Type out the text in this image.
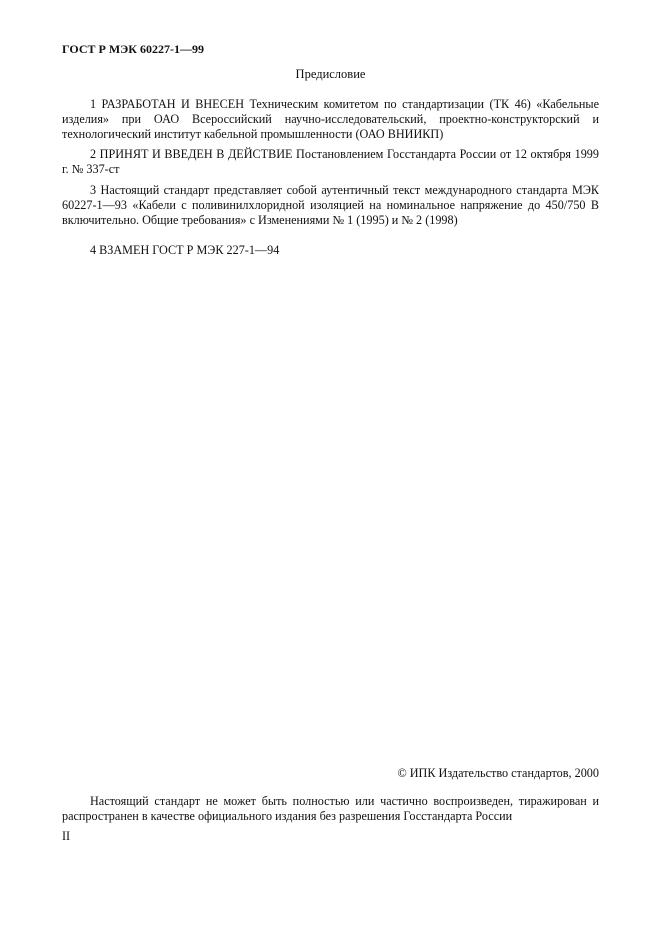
ГОСТ Р МЭК 60227-1—99
Предисловие
1 РАЗРАБОТАН И ВНЕСЕН Техническим комитетом по стандартизации (ТК 46) «Кабельные изделия» при ОАО Всероссийский научно-исследовательский, проектно-конструкторский и технологический институт кабельной промышленности (ОАО ВНИИКП)
2 ПРИНЯТ И ВВЕДЕН В ДЕЙСТВИЕ Постановлением Госстандарта России от 12 октября 1999 г. № 337-ст
3 Настоящий стандарт представляет собой аутентичный текст международного стандарта МЭК 60227-1—93 «Кабели с поливинилхлоридной изоляцией на номинальное напряжение до 450/750 В включительно. Общие требования» с Изменениями № 1 (1995) и № 2 (1998)
4 ВЗАМЕН ГОСТ Р МЭК 227-1—94
© ИПК Издательство стандартов, 2000
Настоящий стандарт не может быть полностью или частично воспроизведен, тиражирован и распространен в качестве официального издания без разрешения Госстандарта России
II
